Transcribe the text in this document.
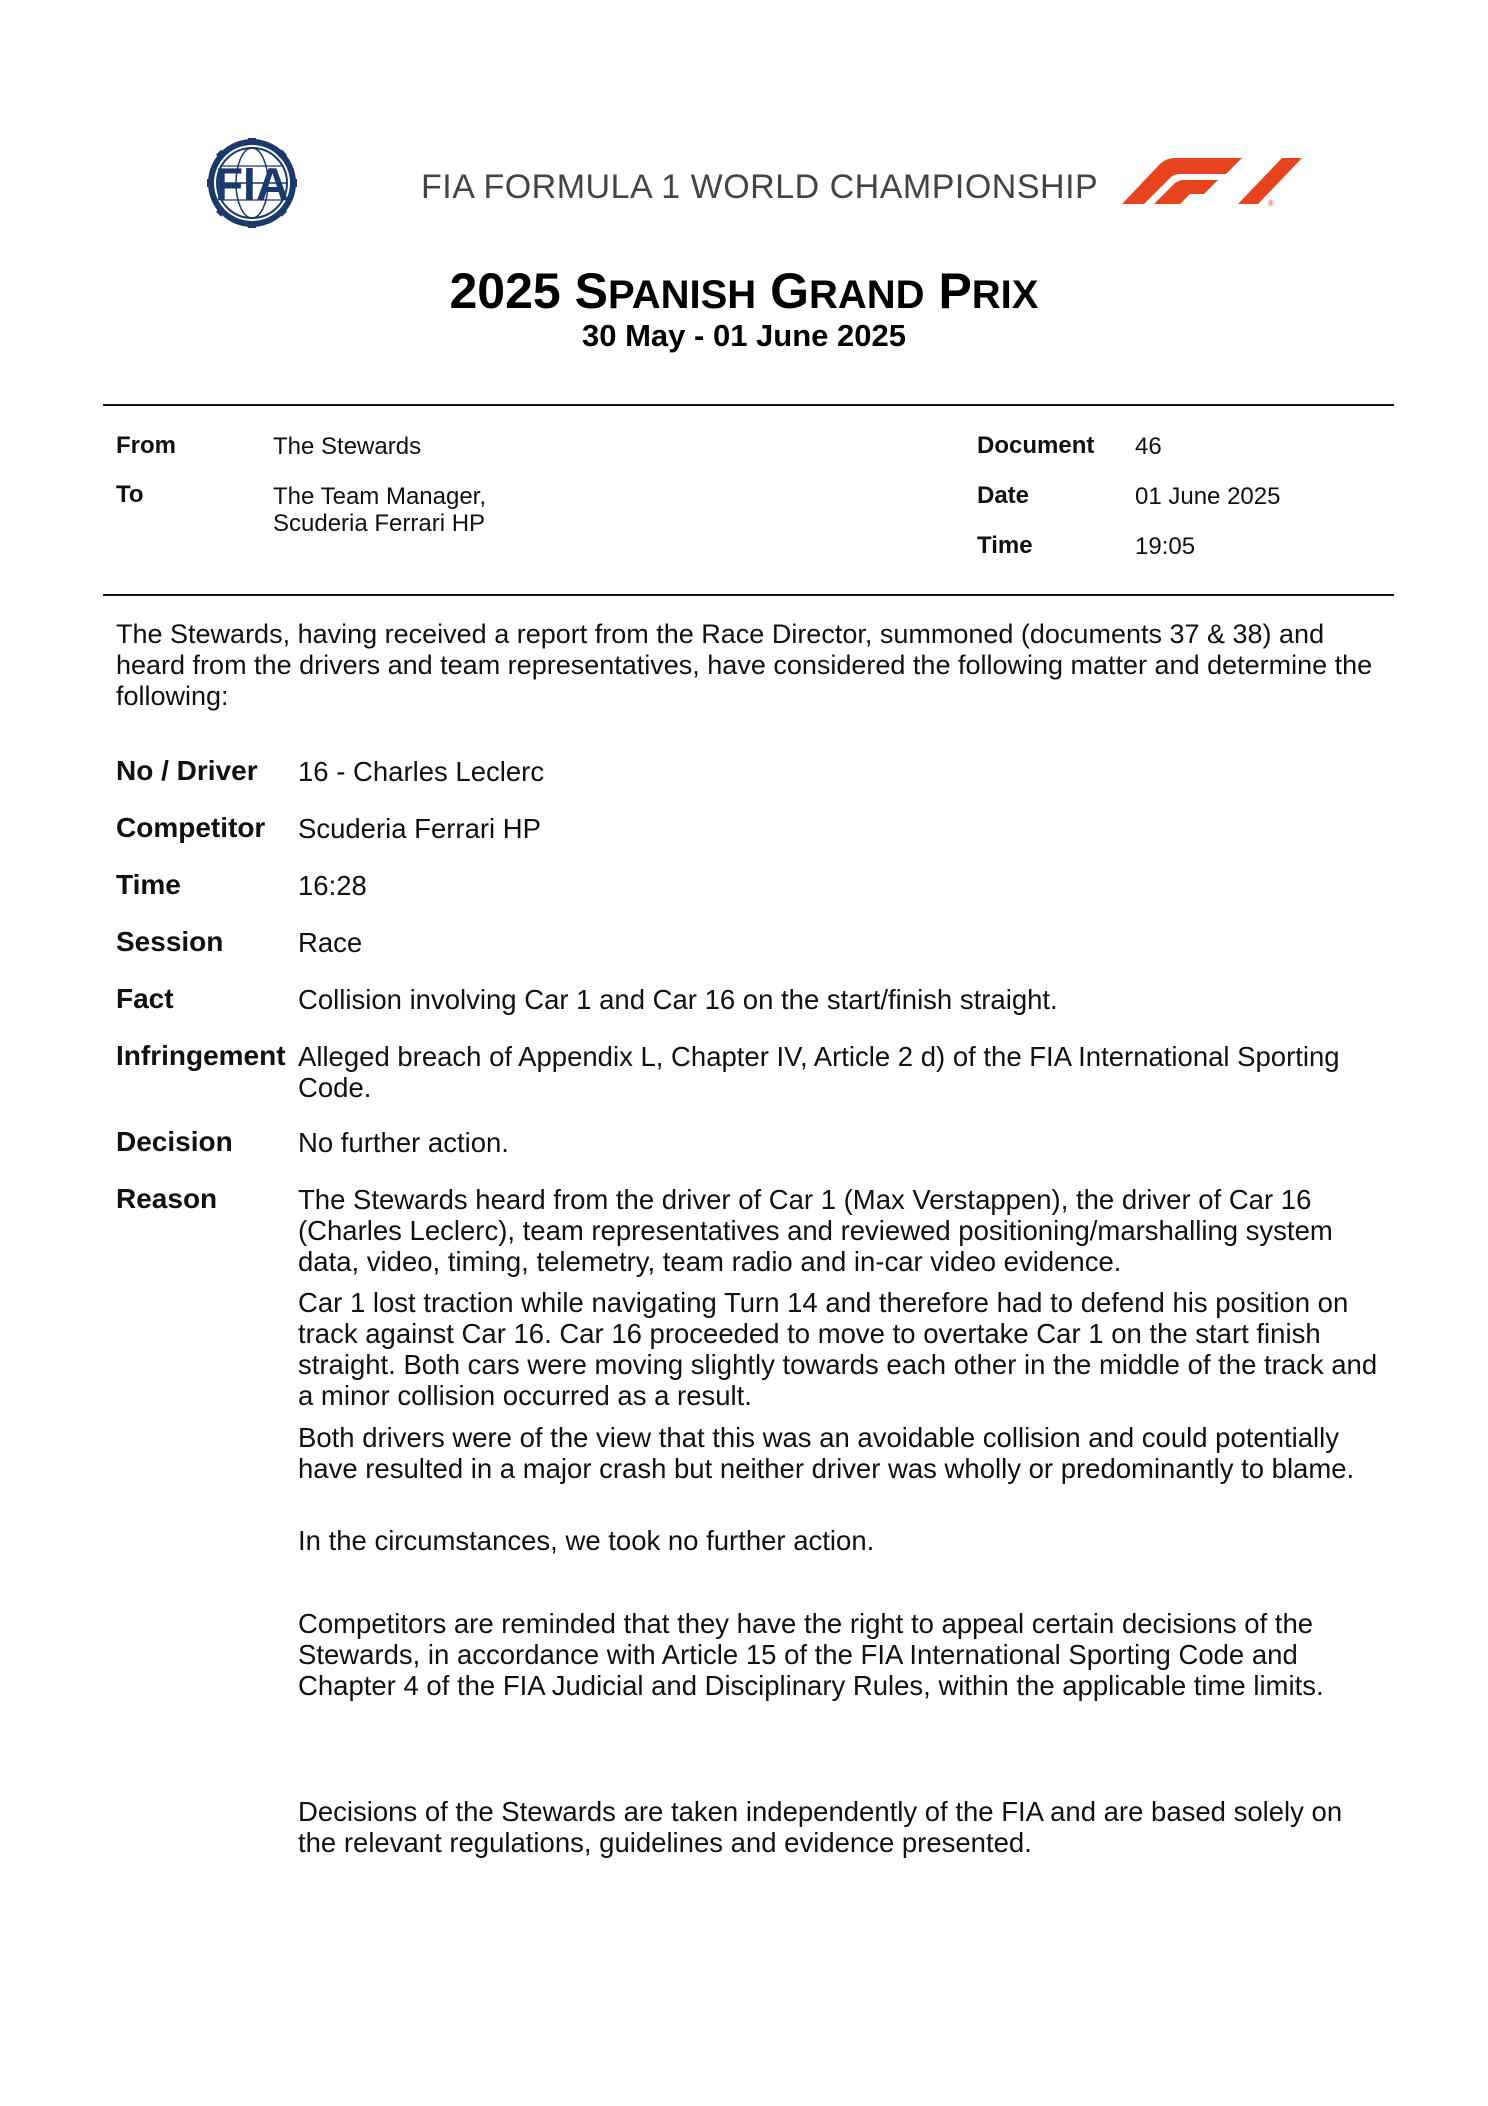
FIA	FIA FORMULA 1 WORLD CHAMPIONSHIP	®
2025 SPANISH GRAND PRIX
30 May - 01 June 2025
From	The Stewards
To	The Team Manager,
Scuderia Ferrari HP
Document 46
Date	01 June 2025
Time	19:05
The Stewards, having received a report from the Race Director, summoned (documents 37 & 38) and heard from the drivers and team representatives, have considered the following matter and determine the following:
No / Driver 16 - Charles Leclerc
Competitor Scuderia Ferrari HP
Time	16:28
Session	Race
Fact	Collision involving Car 1 and Car 16 on the start/finish straight.
Infringement Alleged breach of Appendix L, Chapter IV, Article 2 d) of the FIA International Sporting Code.
Decision No further action.
Reason	The Stewards heard from the driver of Car 1 (Max Verstappen), the driver of Car 16 (Charles Leclerc), team representatives and reviewed positioning/marshalling system data, video, timing, telemetry, team radio and in-car video evidence.
Car 1 lost traction while navigating Turn 14 and therefore had to defend his position on track against Car 16. Car 16 proceeded to move to overtake Car 1 on the start finish straight. Both cars were moving slightly towards each other in the middle of the track and a minor collision occurred as a result.
Both drivers were of the view that this was an avoidable collision and could potentially have resulted in a major crash but neither driver was wholly or predominantly to blame.
In the circumstances, we took no further action.
Competitors are reminded that they have the right to appeal certain decisions of the Stewards, in accordance with Article 15 of the FIA International Sporting Code and Chapter 4 of the FIA Judicial and Disciplinary Rules, within the applicable time limits.
Decisions of the Stewards are taken independently of the FIA and are based solely on the relevant regulations, guidelines and evidence presented.
